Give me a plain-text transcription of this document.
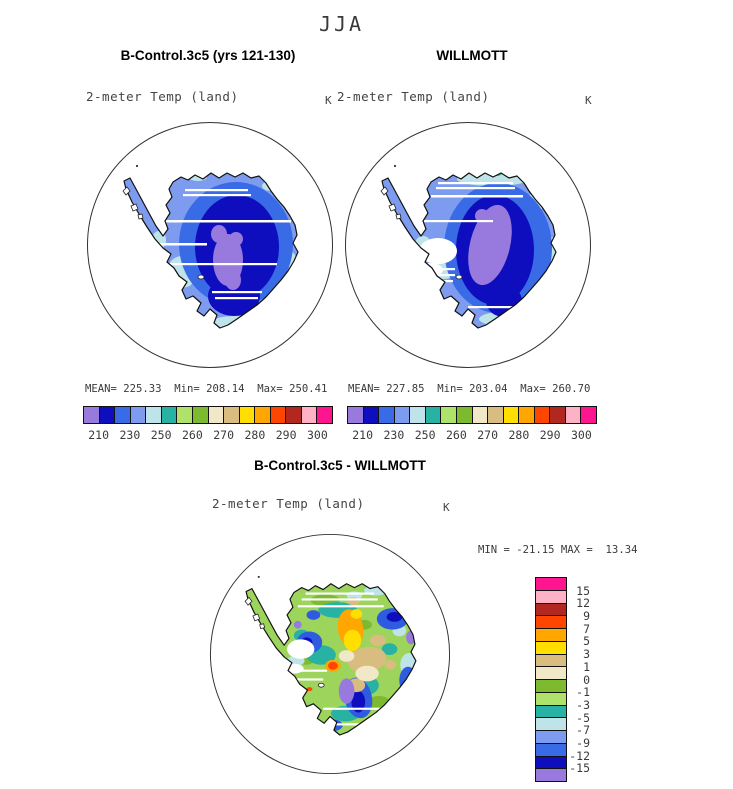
JJA
B-Control.3c5 (yrs 121-130)	WILLMOTT
2-meter Temp (land)	K 2-meter Temp (land)	K
MEAN= 225.33  Min= 208.14  Max= 250.41 MEAN= 227.85  Min= 203.04  Max= 260.70
210 230 250 260 270 280 290 300 210 230 250 260 270 280 290 300
B-Control.3c5 - WILLMOTT
2-meter Temp (land)	K
MIN = -21.15 MAX =  13.34
15
12
9
7
5
3
1
0
-1
-3
-5
-7
-9
-12
-15
